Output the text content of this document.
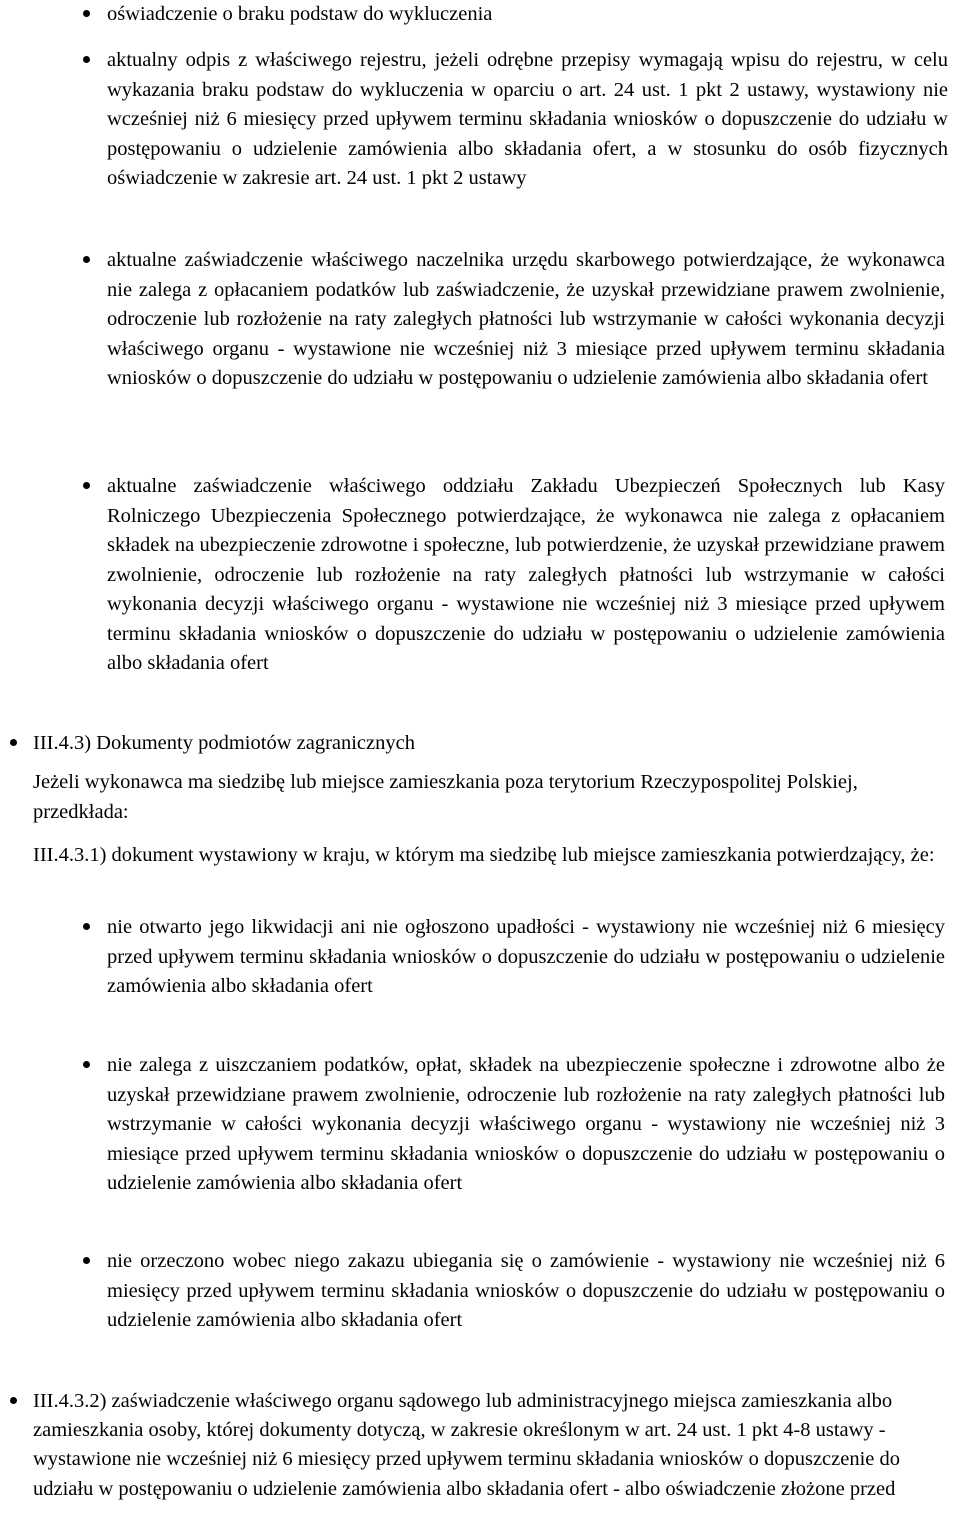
oświadczenie o braku podstaw do wykluczenia

aktualny odpis z właściwego rejestru, jeżeli odrębne przepisy wymagają wpisu do rejestru, w celu wykazania braku podstaw do wykluczenia w oparciu o art. 24 ust. 1 pkt 2 ustawy, wystawiony nie wcześniej niż 6 miesięcy przed upływem terminu składania wniosków o dopuszczenie do udziału w postępowaniu o udzielenie zamówienia albo składania ofert, a w stosunku do osób fizycznych oświadczenie w zakresie art. 24 ust. 1 pkt 2 ustawy

aktualne zaświadczenie właściwego naczelnika urzędu skarbowego potwierdzające, że wykonawca nie zalega z opłacaniem podatków lub zaświadczenie, że uzyskał przewidziane prawem zwolnienie, odroczenie lub rozłożenie na raty zaległych płatności lub wstrzymanie w całości wykonania decyzji właściwego organu - wystawione nie wcześniej niż 3 miesiące przed upływem terminu składania wniosków o dopuszczenie do udziału w postępowaniu o udzielenie zamówienia albo składania ofert

aktualne zaświadczenie właściwego oddziału Zakładu Ubezpieczeń Społecznych lub Kasy Rolniczego Ubezpieczenia Społecznego potwierdzające, że wykonawca nie zalega z opłacaniem składek na ubezpieczenie zdrowotne i społeczne, lub potwierdzenie, że uzyskał przewidziane prawem zwolnienie, odroczenie lub rozłożenie na raty zaległych płatności lub wstrzymanie w całości wykonania decyzji właściwego organu - wystawione nie wcześniej niż 3 miesiące przed upływem terminu składania wniosków o dopuszczenie do udziału w postępowaniu o udzielenie zamówienia albo składania ofert

III.4.3) Dokumenty podmiotów zagranicznych

Jeżeli wykonawca ma siedzibę lub miejsce zamieszkania poza terytorium Rzeczypospolitej Polskiej, przedkłada:

III.4.3.1) dokument wystawiony w kraju, w którym ma siedzibę lub miejsce zamieszkania potwierdzający, że:

nie otwarto jego likwidacji ani nie ogłoszono upadłości - wystawiony nie wcześniej niż 6 miesięcy przed upływem terminu składania wniosków o dopuszczenie do udziału w postępowaniu o udzielenie zamówienia albo składania ofert

nie zalega z uiszczaniem podatków, opłat, składek na ubezpieczenie społeczne i zdrowotne albo że uzyskał przewidziane prawem zwolnienie, odroczenie lub rozłożenie na raty zaległych płatności lub wstrzymanie w całości wykonania decyzji właściwego organu - wystawiony nie wcześniej niż 3 miesiące przed upływem terminu składania wniosków o dopuszczenie do udziału w postępowaniu o udzielenie zamówienia albo składania ofert

nie orzeczono wobec niego zakazu ubiegania się o zamówienie - wystawiony nie wcześniej niż 6 miesięcy przed upływem terminu składania wniosków o dopuszczenie do udziału w postępowaniu o udzielenie zamówienia albo składania ofert

III.4.3.2) zaświadczenie właściwego organu sądowego lub administracyjnego miejsca zamieszkania albo zamieszkania osoby, której dokumenty dotyczą, w zakresie określonym w art. 24 ust. 1 pkt 4-8 ustawy - wystawione nie wcześniej niż 6 miesięcy przed upływem terminu składania wniosków o dopuszczenie do udziału w postępowaniu o udzielenie zamówienia albo składania ofert - albo oświadczenie złożone przed
